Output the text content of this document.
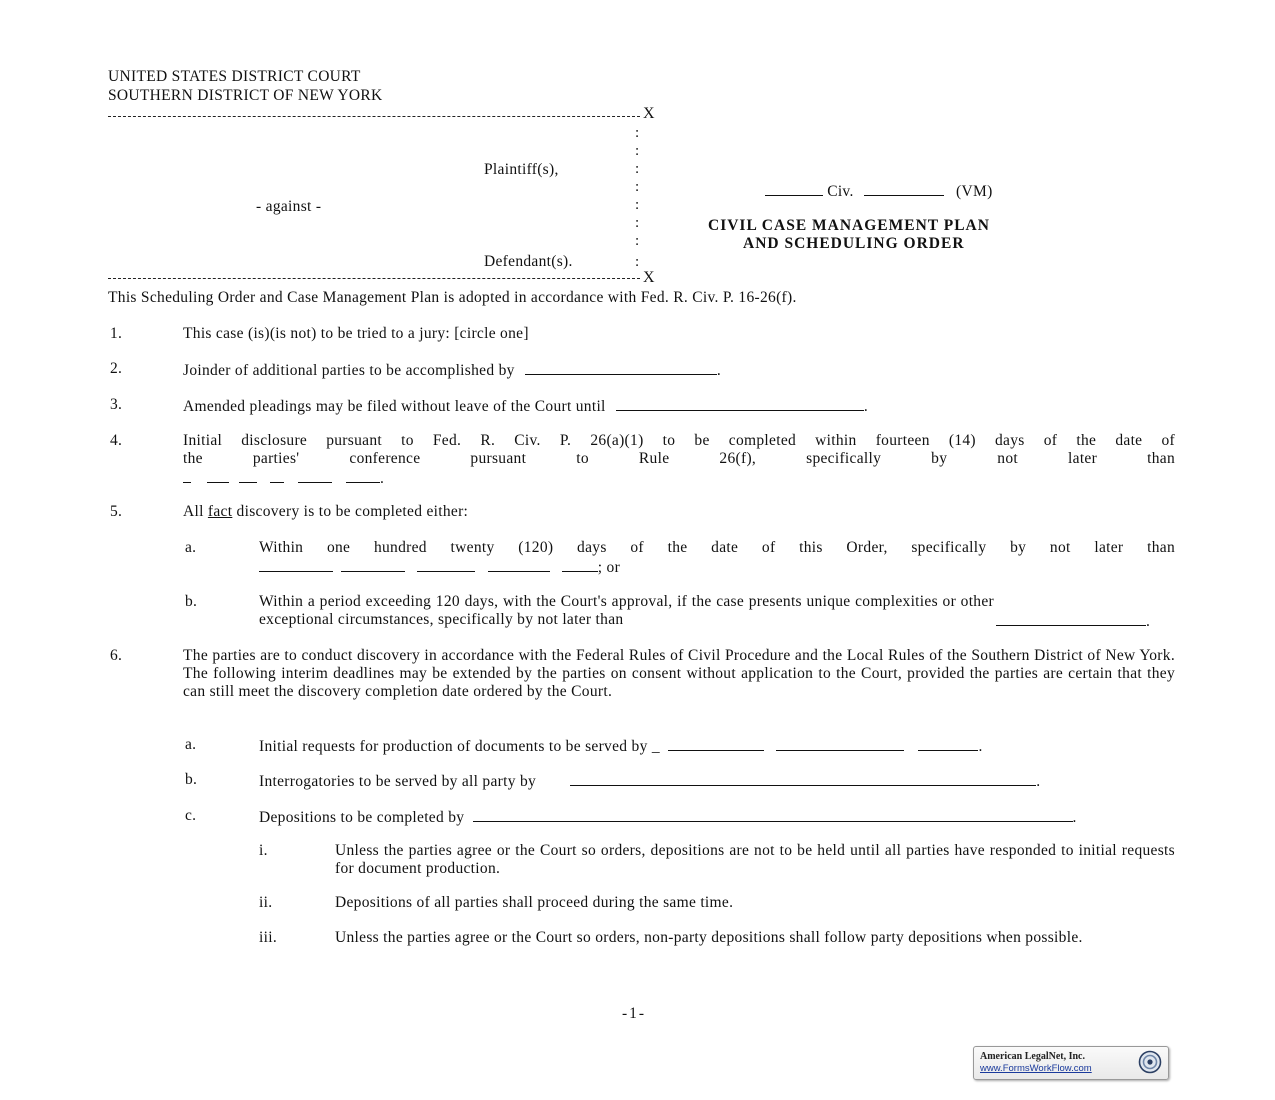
UNITED STATES DISTRICT COURT
SOUTHERN DISTRICT OF NEW YORK
X
:
:
:
:
:
:
:
:
Plaintiff(s),
- against -
Defendant(s).
X
Civ.	(VM)
CIVIL CASE MANAGEMENT PLAN
AND SCHEDULING ORDER
This Scheduling Order and Case Management Plan is adopted in accordance with Fed. R. Civ. P. 16-26(f).
1.	This case (is)(is not) to be tried to a jury: [circle one]
2.	Joinder of additional parties to be accomplished by	.
3.	Amended pleadings may be filed without leave of the Court until	.
4.	Initial disclosure pursuant to Fed. R. Civ. P. 26(a)(1) to be completed within fourteen (14) days of the date of
the parties' conference pursuant to Rule 26(f), specifically by not later than
.
5.	All fact discovery is to be completed either:
a.	Within one hundred twenty (120) days of the date of this Order, specifically by not later than
; or
b.	Within a period exceeding 120 days, with the Court's approval, if the case presents unique complexities or other exceptional circumstances, specifically by not later than	.
6.	The parties are to conduct discovery in accordance with the Federal Rules of Civil Procedure and the Local Rules of the Southern District of New York. The following interim deadlines may be extended by the parties on consent without application to the Court, provided the parties are certain that they can still meet the discovery completion date ordered by the Court.
a.	Initial requests for production of documents to be served by _	.
b.	Interrogatories to be served by all party by	.
c.	Depositions to be completed by	.
i.	Unless the parties agree or the Court so orders, depositions are not to be held until all parties have responded to initial requests for document production.
ii.	Depositions of all parties shall proceed during the same time.
iii.	Unless the parties agree or the Court so orders, non-party depositions shall follow party depositions when possible.
-1-
American LegalNet, Inc.
www.FormsWorkFlow.com
